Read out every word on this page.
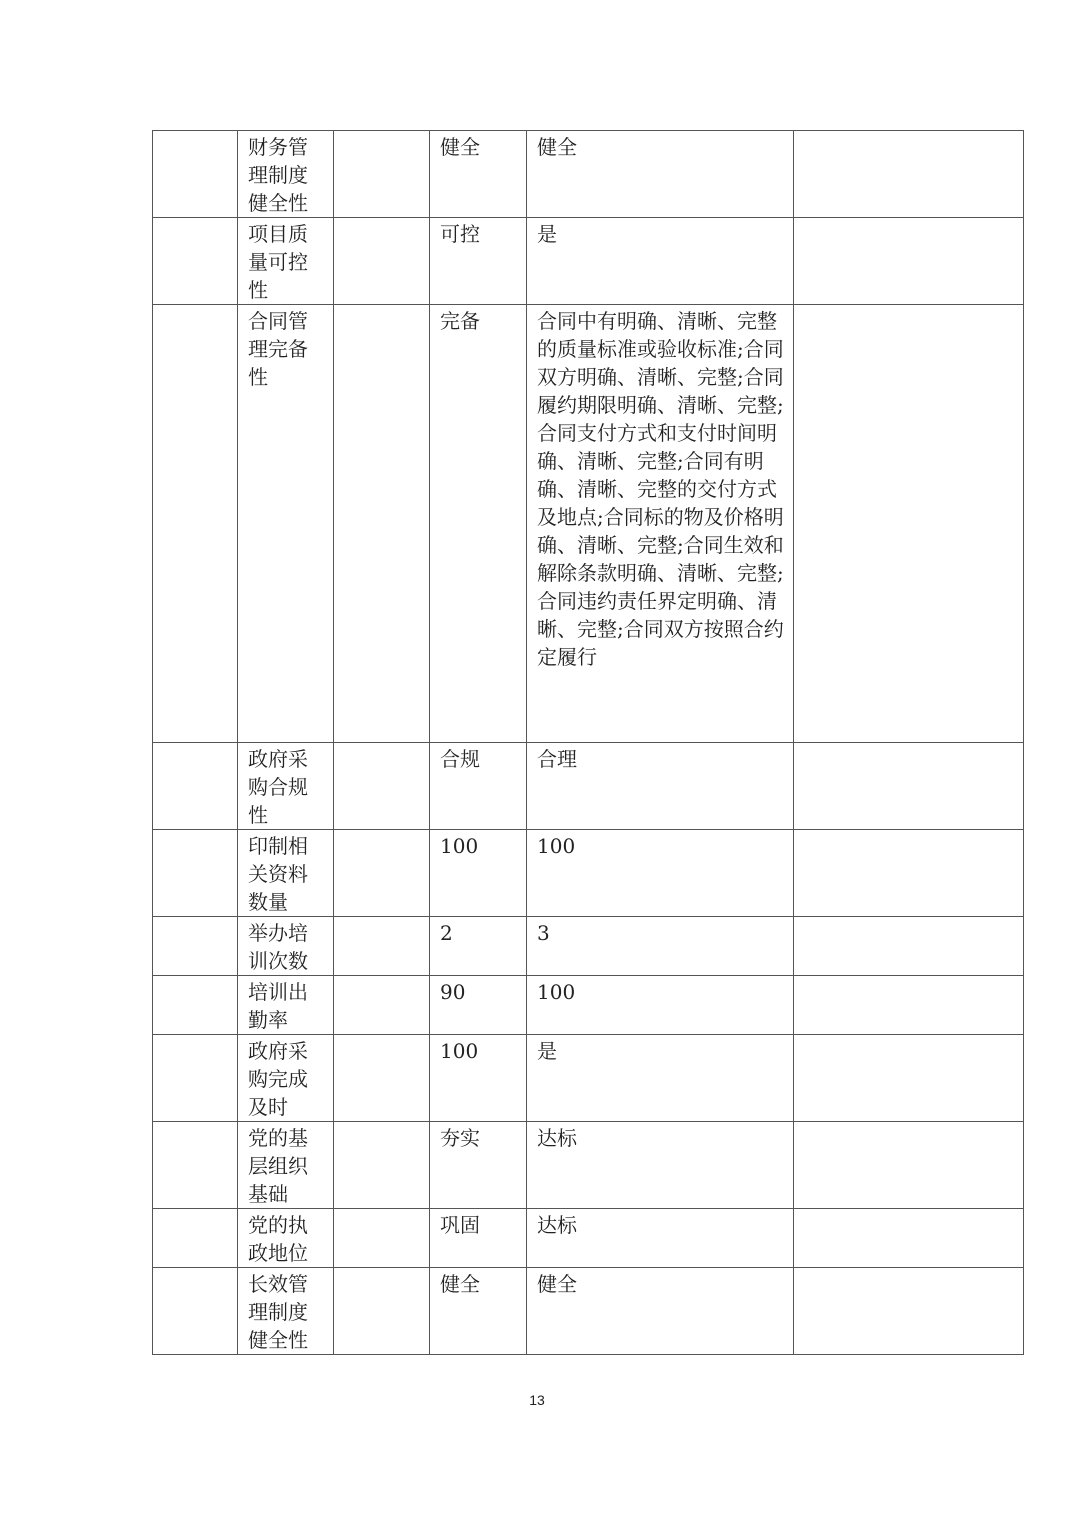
	财务管理制度健全性		健全	健全	
	项目质量可控性		可控	是	
	合同管理完备性		完备	合同中有明确、清晰、完整的质量标准或验收标准;合同双方明确、清晰、完整;合同履约期限明确、清晰、完整;合同支付方式和支付时间明确、清晰、完整;合同有明确、清晰、完整的交付方式及地点;合同标的物及价格明确、清晰、完整;合同生效和解除条款明确、清晰、完整;合同违约责任界定明确、清晰、完整;合同双方按照合约定履行	
	政府采购合规性		合规	合理	
	印制相关资料数量		100	100	
	举办培训次数		2	3	
	培训出勤率		90	100	
	政府采购完成及时		100	是	
	党的基层组织基础		夯实	达标	
	党的执政地位		巩固	达标	
	长效管理制度健全性		健全	健全	
13
